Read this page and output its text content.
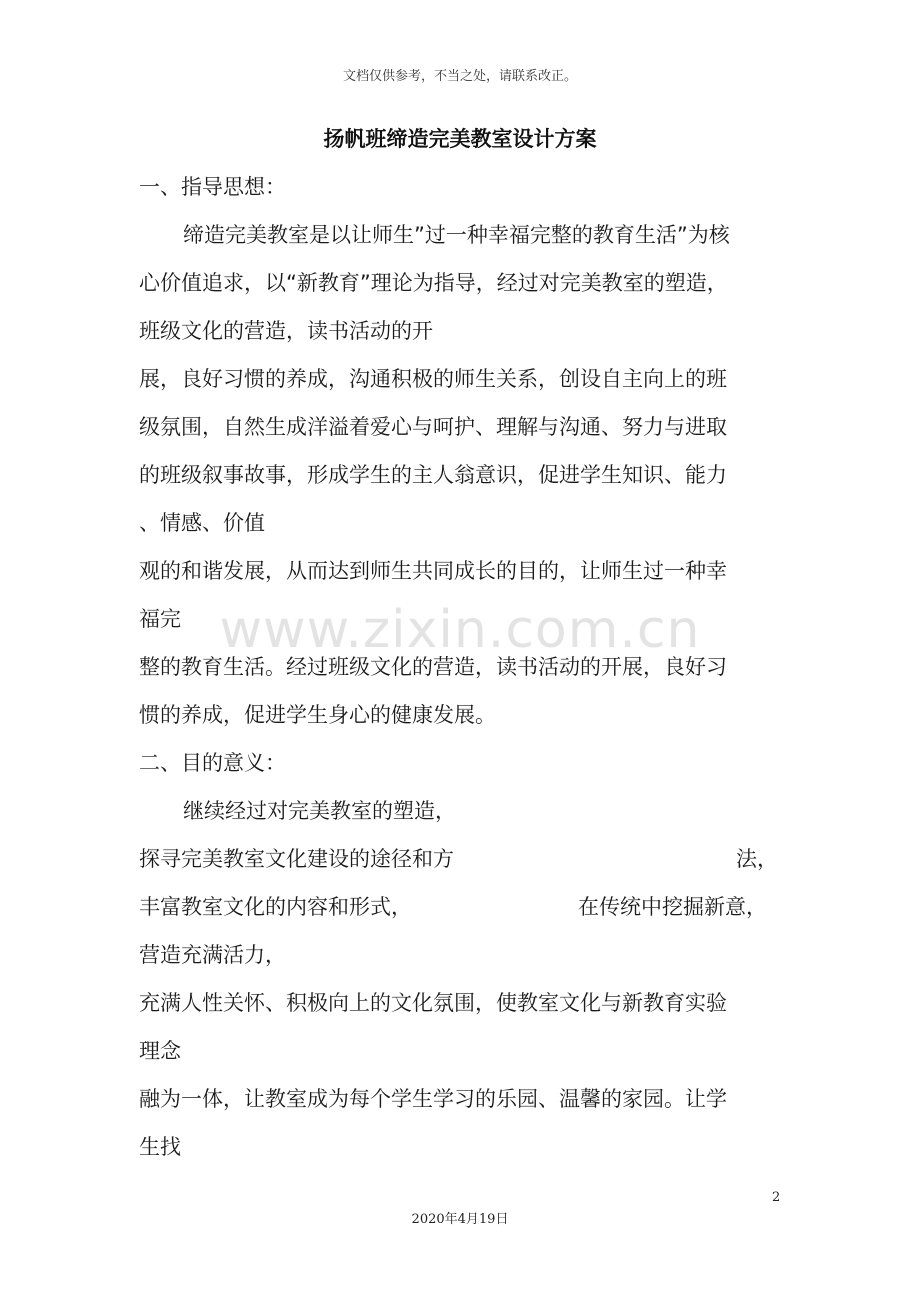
文档仅供参考，不当之处，请联系改正。
扬帆班缔造完美教室设计方案
www.zixin.com.cn
一、指导思想：
缔造完美教室是以让师生”过一种幸福完整的教育生活”为核
心价值追求，以“新教育”理论为指导，经过对完美教室的塑造，
班级文化的营造，读书活动的开
展，良好习惯的养成，沟通积极的师生关系，创设自主向上的班
级氛围，自然生成洋溢着爱心与呵护、理解与沟通、努力与进取
的班级叙事故事，形成学生的主人翁意识，促进学生知识、能力
、情感、价值
观的和谐发展，从而达到师生共同成长的目的，让师生过一种幸
福完
整的教育生活。经过班级文化的营造，读书活动的开展，良好习
惯的养成，促进学生身心的健康发展。
二、目的意义：
继续经过对完美教室的塑造，
探寻完美教室文化建设的途径和方	法，
丰富教室文化的内容和形式，	在传统中挖掘新意，
营造充满活力，
充满人性关怀、积极向上的文化氛围，使教室文化与新教育实验
理念
融为一体，让教室成为每个学生学习的乐园、温馨的家园。让学
生找
2
2020年4月19日
